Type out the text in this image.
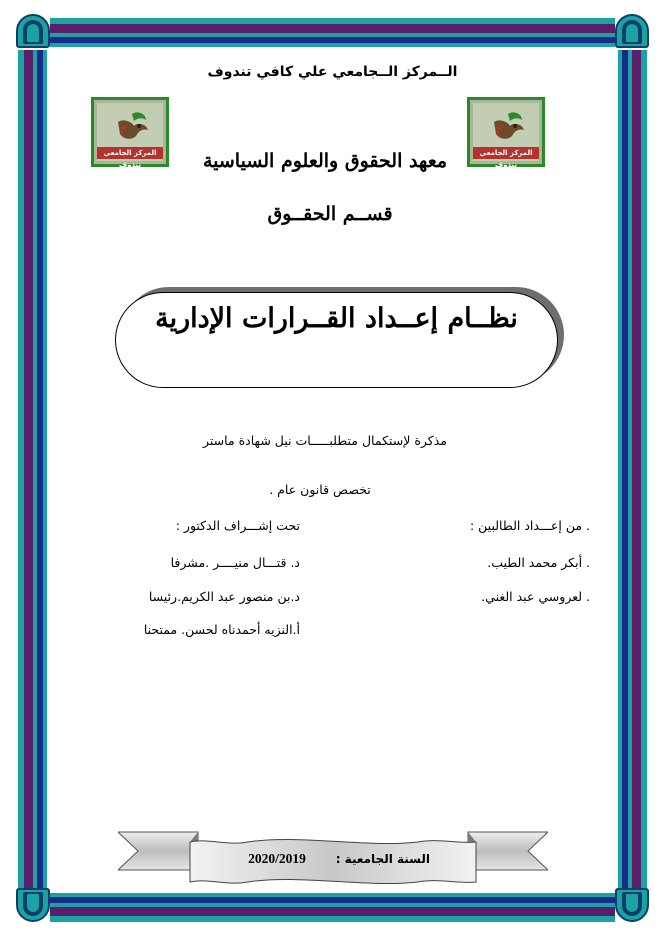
الــمركز الــجامعي علي كافي تندوف
المركز الجامعي تندوف
المركز الجامعي تندوف
معهد الحقوق والعلوم السياسية
قســم الحقــوق
نظــام إعــداد القــرارات الإدارية
مذكرة لإستكمال متطلبـــــات نيل شهادة ماستر
تخصص قانون عام .
. من إعـــداد الطالبين :
. أبكر محمد الطيب.
. لعروسي عبد الغني.
تحت إشـــراف الدكتور :
د. قتـــال منيــــر .مشرفا
د.بن منصور عبد الكريم.رئيسا
أ.النزيه أحمدناه لحسن. ممتحنا
السنة الجامعية :
2020/2019
